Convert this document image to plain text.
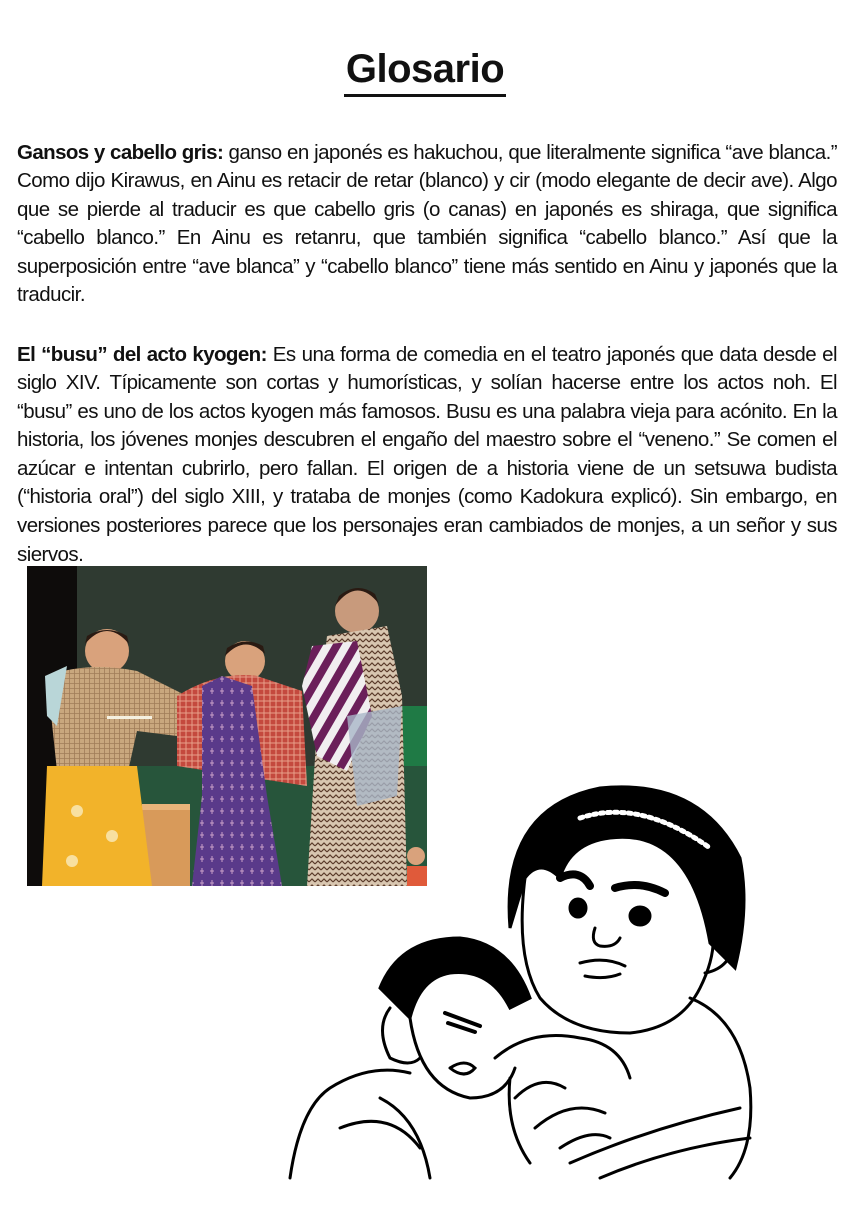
Glosario

Gansos y cabello gris: ganso en japonés es hakuchou, que literalmente significa “ave blanca.” Como dijo Kirawus, en Ainu es retacir de retar (blanco) y cir (modo elegante de decir ave). Algo que se pierde al traducir es que cabello gris (o canas) en japonés es shiraga, que significa “cabello blanco.” En Ainu es retanru, que también significa “cabello blanco.” Así que la superposición entre “ave blanca” y “cabello blanco” tiene más sentido en Ainu y japonés que la traducir.

El “busu” del acto kyogen: Es una forma de comedia en el teatro japonés que data desde el siglo XIV. Típicamente son cortas y humorísticas, y solían hacerse entre los actos noh. El “busu” es uno de los actos kyogen más famosos. Busu es una palabra vieja para acónito. En la historia, los jóvenes monjes descubren el engaño del maestro sobre el “veneno.” Se comen el azúcar e intentan cubrirlo, pero fallan. El origen de a historia viene de un setsuwa budista (“historia oral”) del siglo XIII, y trataba de monjes (como Kadokura explicó). Sin embargo, en versiones posteriores parece que los personajes eran cambiados de monjes, a un señor y sus siervos.
